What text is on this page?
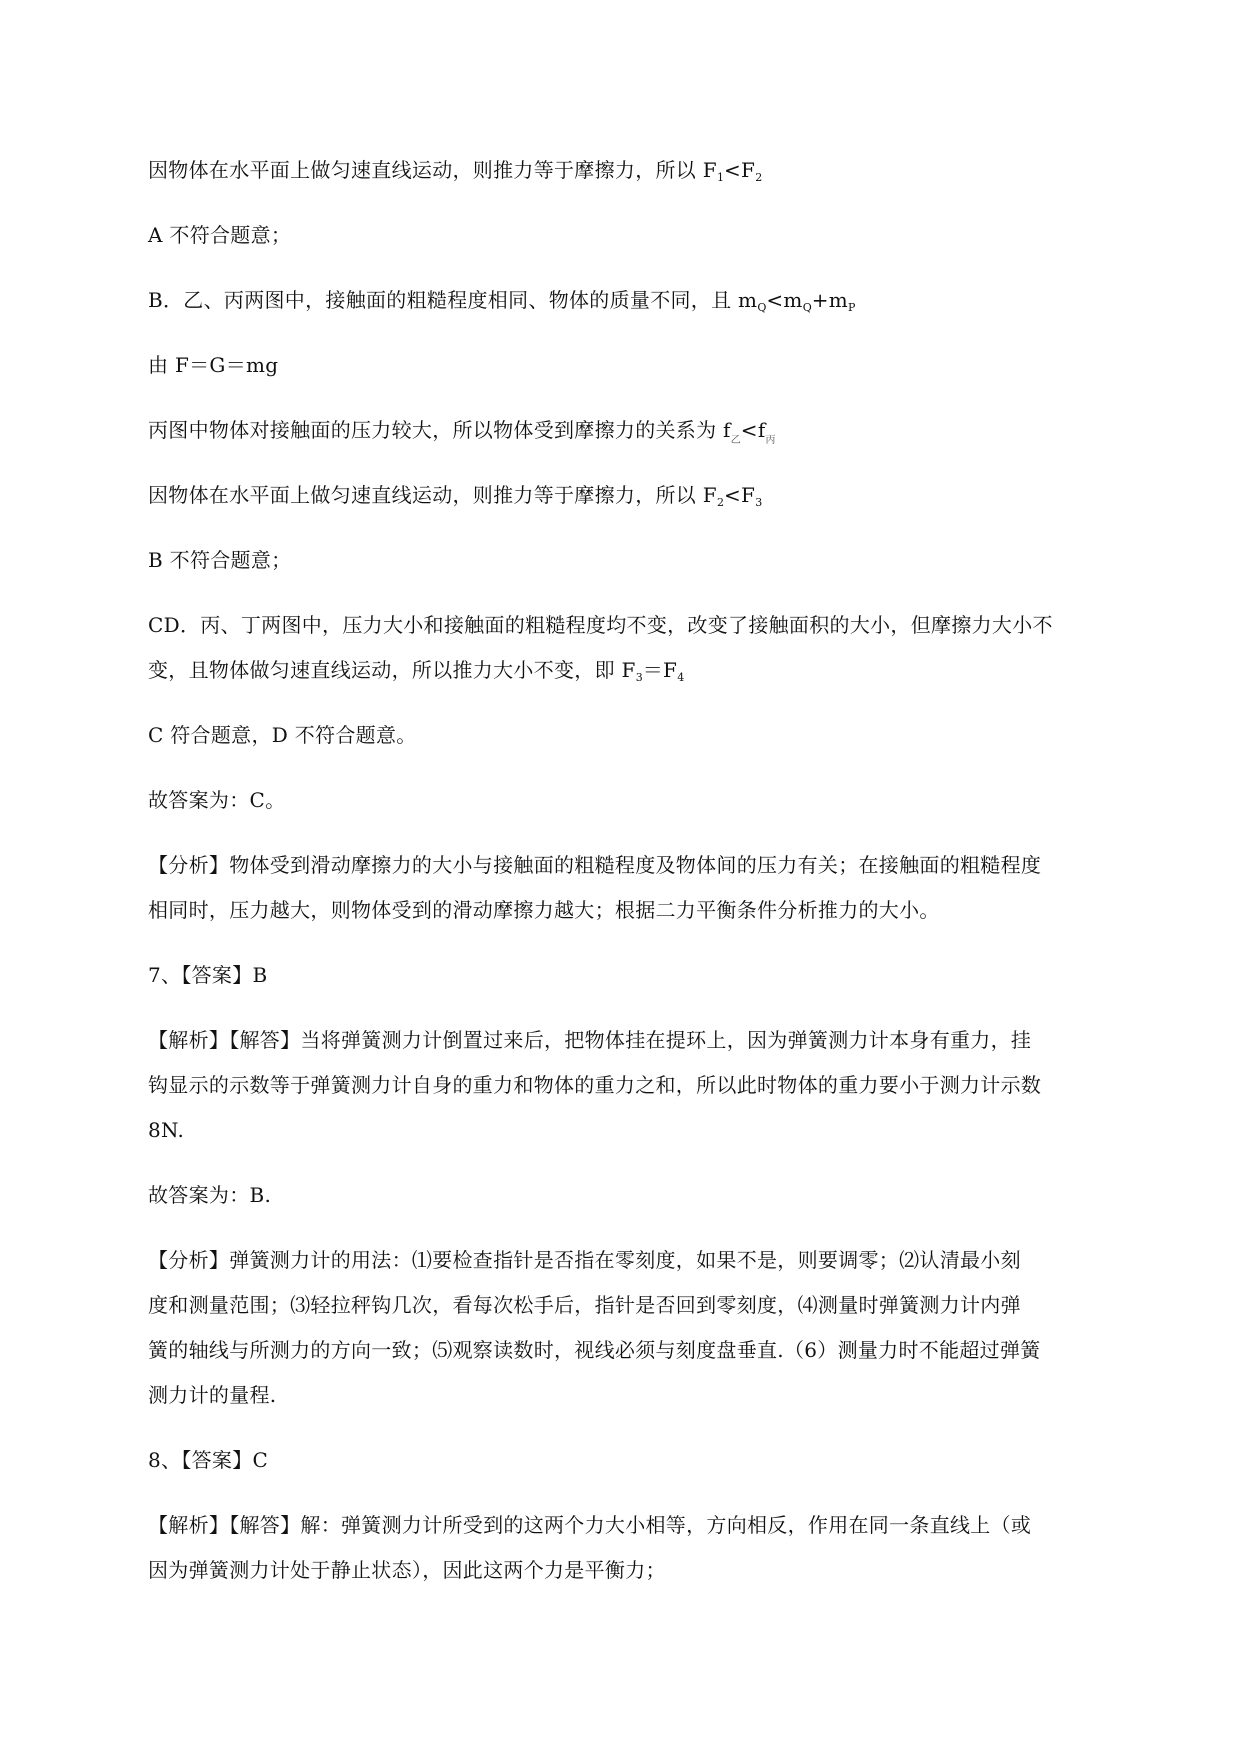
因物体在水平面上做匀速直线运动，则推力等于摩擦力，所以 $F_1<F_2$
A 不符合题意；
B．乙、丙两图中，接触面的粗糙程度相同、物体的质量不同，且 $m_Q<m_Q+m_P$
由 F＝G＝mg
丙图中物体对接触面的压力较大，所以物体受到摩擦力的关系为 $f_乙<f_丙$
因物体在水平面上做匀速直线运动，则推力等于摩擦力，所以 $F_2<F_3$
B 不符合题意；
CD．丙、丁两图中，压力大小和接触面的粗糙程度均不变，改变了接触面积的大小，但摩擦力大小不
变，且物体做匀速直线运动，所以推力大小不变，即 $F_3=F_4$
C 符合题意，D 不符合题意。
故答案为：C。
【分析】物体受到滑动摩擦力的大小与接触面的粗糙程度及物体间的压力有关；在接触面的粗糙程度
相同时，压力越大，则物体受到的滑动摩擦力越大；根据二力平衡条件分析推力的大小。
7、【答案】B
【解析】【解答】当将弹簧测力计倒置过来后，把物体挂在提环上，因为弹簧测力计本身有重力，挂
钩显示的示数等于弹簧测力计自身的重力和物体的重力之和，所以此时物体的重力要小于测力计示数
8N.
故答案为：B.
【分析】弹簧测力计的用法：⑴要检查指针是否指在零刻度，如果不是，则要调零；⑵认清最小刻
度和测量范围；⑶轻拉秤钩几次，看每次松手后，指针是否回到零刻度，⑷测量时弹簧测力计内弹
簧的轴线与所测力的方向一致；⑸观察读数时，视线必须与刻度盘垂直.（6）测量力时不能超过弹簧
测力计的量程.
8、【答案】C
【解析】【解答】解：弹簧测力计所受到的这两个力大小相等，方向相反，作用在同一条直线上（或
因为弹簧测力计处于静止状态），因此这两个力是平衡力；
